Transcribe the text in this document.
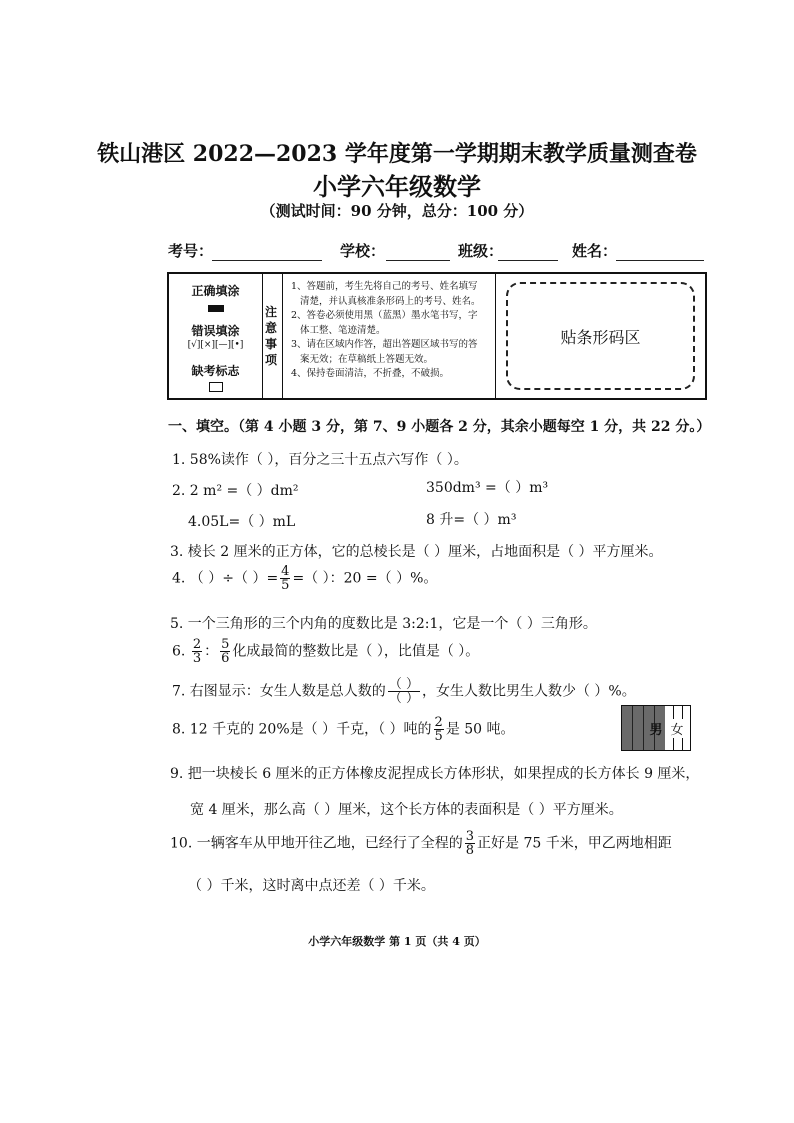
铁山港区 2022—2023 学年度第一学期期末教学质量测查卷
小学六年级数学
（测试时间：90 分钟，总分：100 分）
考号：	学校：	班级：	姓名：
正确填涂
错误填涂
[√][×][—][•]
缺考标志
注意事项
1、答题前，考生先将自己的考号、姓名填写
清楚，并认真核准条形码上的考号、姓名。
2、答卷必须使用黑（蓝黑）墨水笔书写，字
体工整、笔迹清楚。
3、请在区域内作答，超出答题区域书写的答
案无效；在草稿纸上答题无效。
4、保持卷面清洁，不折叠，不破损。
贴条形码区
一、填空。（第 4 小题 3 分，第 7、9 小题各 2 分，其余小题每空 1 分，共 22 分。）
1. 58%读作（ ），百分之三十五点六写作（ ）。
2. 2 m² =（ ）dm²	350dm³ =（ ）m³
4.05L=（ ）mL	8 升=（ ）m³
3. 棱长 2 厘米的正方体，它的总棱长是（ ）厘米，占地面积是（ ）平方厘米。
4. （ ）÷（ ）= $\frac{4}{5}$ =（ ）：20 =（ ）%。
5. 一个三角形的三个内角的度数比是 3:2:1，它是一个（ ）三角形。
6. $\frac{2}{3}$ ： $\frac{5}{6}$ 化成最简的整数比是（ ），比值是（ ）。
7. 右图显示：女生人数是总人数的 $\frac{( )}{( )}$ ，女生人数比男生人数少（ ）%。
8. 12 千克的 20%是（ ）千克，（ ）吨的 $\frac{2}{5}$ 是 50 吨。	男 女
9. 把一块棱长 6 厘米的正方体橡皮泥捏成长方体形状，如果捏成的长方体长 9 厘米，
宽 4 厘米，那么高（ ）厘米，这个长方体的表面积是（ ）平方厘米。
10. 一辆客车从甲地开往乙地，已经行了全程的 $\frac{3}{8}$ 正好是 75 千米，甲乙两地相距
（ ）千米，这时离中点还差（ ）千米。
小学六年级数学 第 1 页（共 4 页）
